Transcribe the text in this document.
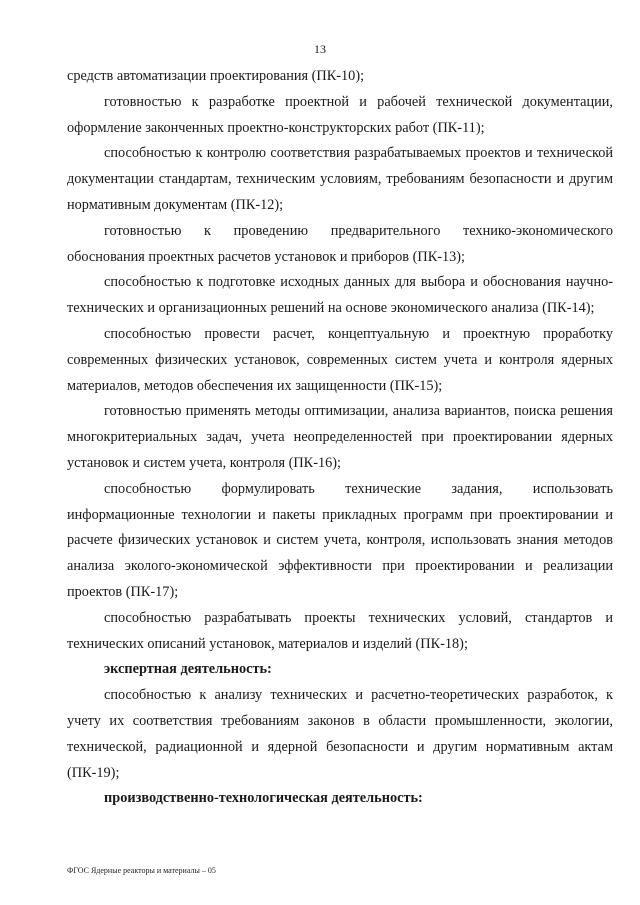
13

средств автоматизации проектирования (ПК-10);

готовностью к разработке проектной и рабочей технической документации, оформление законченных проектно-конструкторских работ (ПК-11);

способностью к контролю соответствия разрабатываемых проектов и технической документации стандартам, техническим условиям, требованиям безопасности и другим нормативным документам (ПК-12);

готовностью к проведению предварительного технико-экономического обоснования проектных расчетов установок и приборов (ПК-13);

способностью к подготовке исходных данных для выбора и обоснования научно-технических и организационных решений на основе экономического анализа (ПК-14);

способностью провести расчет, концептуальную и проектную проработку современных физических установок, современных систем учета и контроля ядерных материалов, методов обеспечения их защищенности (ПК-15);

готовностью применять методы оптимизации, анализа вариантов, поиска решения многокритериальных задач, учета неопределенностей при проектировании ядерных установок и систем учета, контроля (ПК-16);

способностью формулировать технические задания, использовать информационные технологии и пакеты прикладных программ при проектировании и расчете физических установок и систем учета, контроля, использовать знания методов анализа эколого-экономической эффективности при проектировании и реализации проектов (ПК-17);

способностью разрабатывать проекты технических условий, стандартов и технических описаний установок, материалов и изделий (ПК-18);

экспертная деятельность:

способностью к анализу технических и расчетно-теоретических разработок, к учету их соответствия требованиям законов в области промышленности, экологии, технической, радиационной и ядерной безопасности и другим нормативным актам (ПК-19);

производственно-технологическая деятельность:

ФГОС Ядерные реакторы и материалы – 05
